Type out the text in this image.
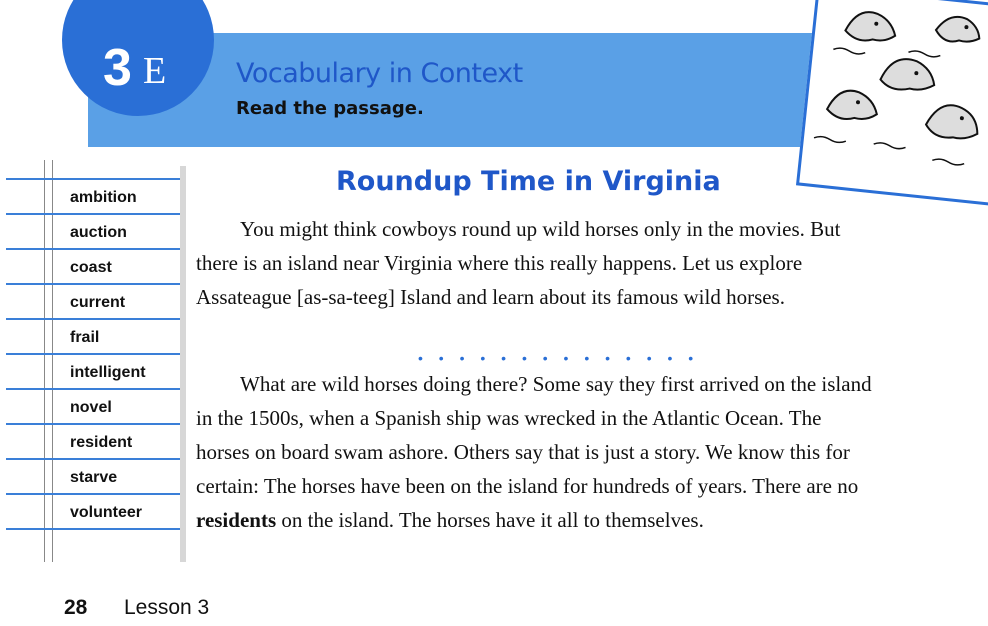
3 E	Vocabulary in Context
Read the passage.
ambition
auction
coast
current
frail
intelligent
novel
resident
starve
volunteer
Roundup Time in Virginia

You might think cowboys round up wild horses only in the movies. But there is an island near Virginia where this really happens. Let us explore Assateague [as-sa-teeg] Island and learn about its famous wild horses.

• • • • • • • • • • • • • •

What are wild horses doing there? Some say they first arrived on the island in the 1500s, when a Spanish ship was wrecked in the Atlantic Ocean. The horses on board swam ashore. Others say that is just a story. We know this for certain: The horses have been on the island for hundreds of years. There are no residents on the island. The horses have it all to themselves.

28 Lesson 3
